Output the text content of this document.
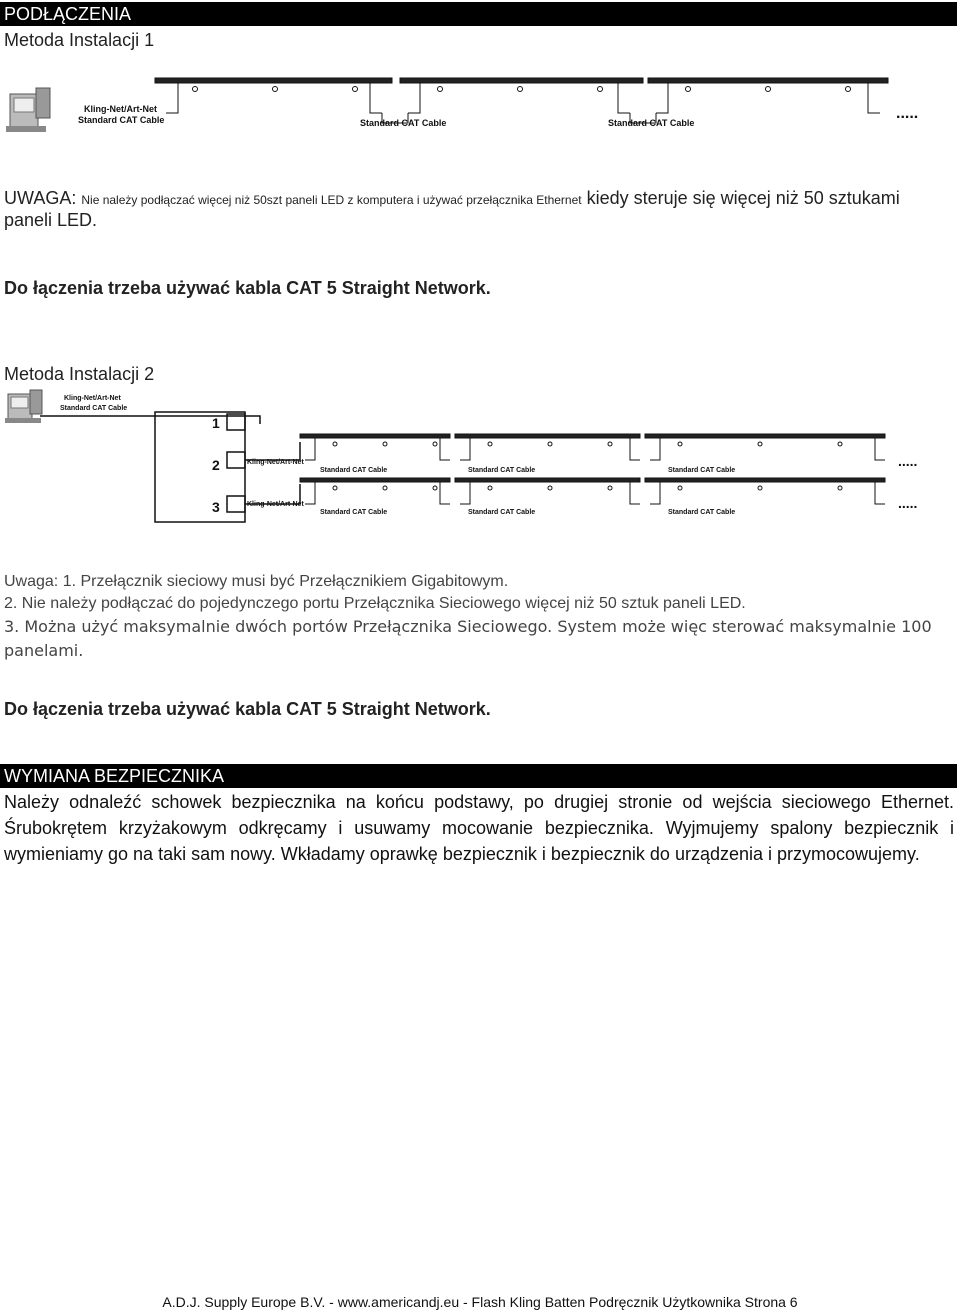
PODŁĄCZENIA
Metoda Instalacji 1
Kling-Net/Art-Net
Standard CAT Cable	Standard CAT Cable	Standard CAT Cable
.....
UWAGA: Nie należy podłączać więcej niż 50szt paneli LED z komputera i używać przełącznika Ethernet kiedy steruje się więcej niż 50 sztukami
paneli LED.
Do łączenia trzeba używać kabla CAT 5 Straight Network.
Metoda Instalacji 2
Kling-Net/Art-Net
Standard CAT Cable
1
2
3
Kling-Net/Art-Net
Kling-Net/Art-Net
Standard CAT Cable	Standard CAT Cable	Standard CAT Cable
.....
Standard CAT Cable	Standard CAT Cable	Standard CAT Cable
.....
Uwaga: 1. Przełącznik sieciowy musi być Przełącznikiem Gigabitowym.
2. Nie należy podłączać do pojedynczego portu Przełącznika Sieciowego więcej niż 50 sztuk paneli LED.
3. Można użyć maksymalnie dwóch portów Przełącznika Sieciowego. System może więc sterować maksymalnie 100
panelami.
Do łączenia trzeba używać kabla CAT 5 Straight Network.
WYMIANA BEZPIECZNIKA
Należy odnaleźć schowek bezpiecznika na końcu podstawy, po drugiej stronie od wejścia sieciowego Ethernet. Śrubokrętem krzyżakowym odkręcamy i usuwamy mocowanie bezpiecznika. Wyjmujemy spalony bezpiecznik i wymieniamy go na taki sam nowy. Wkładamy oprawkę bezpiecznik i bezpiecznik do urządzenia i przymocowujemy.
A.D.J. Supply Europe B.V. - www.americandj.eu - Flash Kling Batten Podręcznik Użytkownika Strona 6
